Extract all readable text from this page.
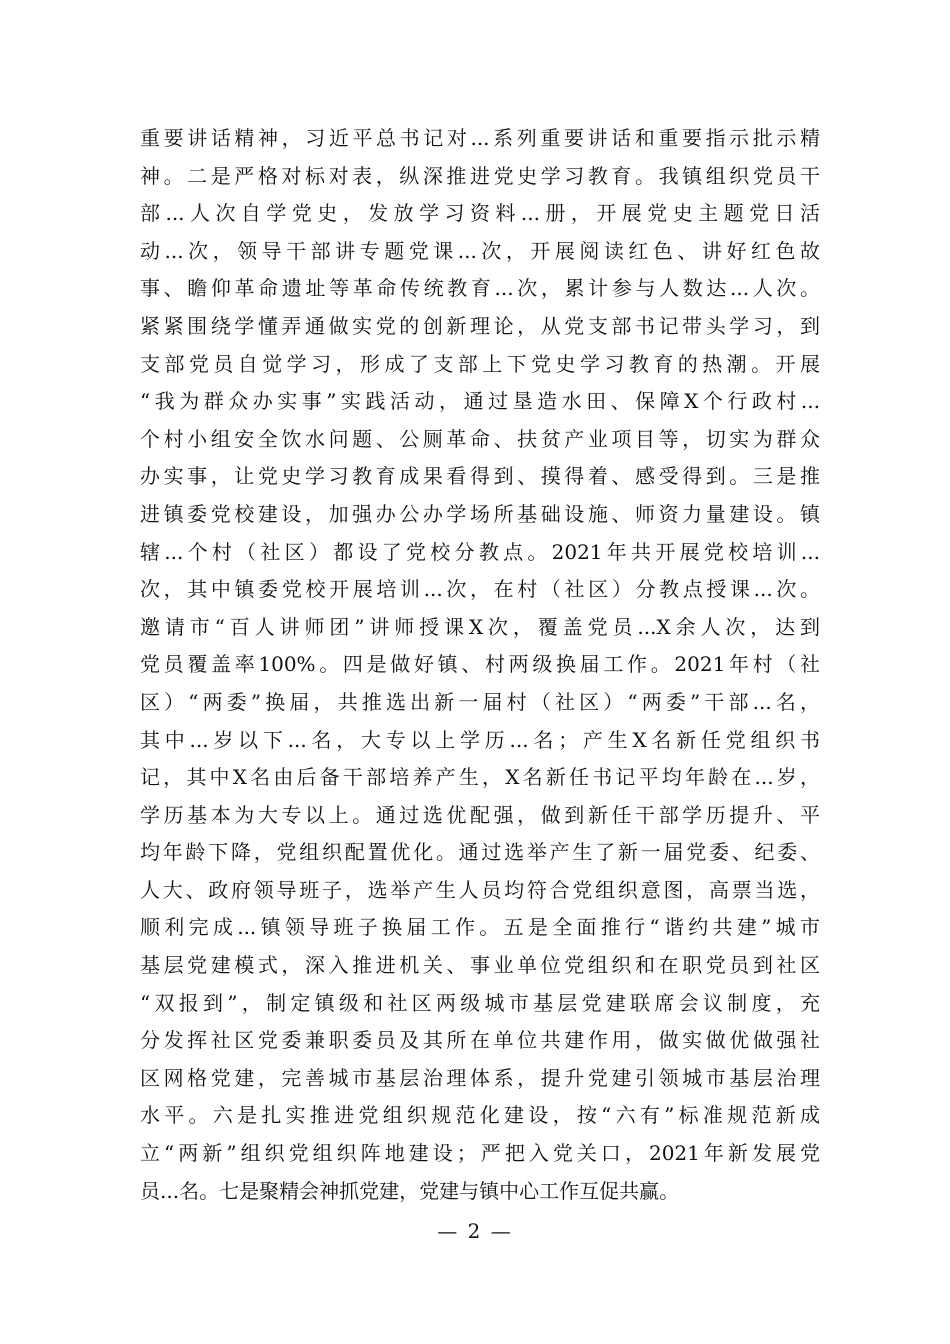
重要讲话精神，习近平总书记对...系列重要讲话和重要指示批示精
神。二是严格对标对表，纵深推进党史学习教育。我镇组织党员干
部...人次自学党史，发放学习资料...册，开展党史主题党日活
动...次，领导干部讲专题党课...次，开展阅读红色、讲好红色故
事、瞻仰革命遗址等革命传统教育...次，累计参与人数达...人次。
紧紧围绕学懂弄通做实党的创新理论，从党支部书记带头学习，到
支部党员自觉学习，形成了支部上下党史学习教育的热潮。开展
“我为群众办实事”实践活动，通过垦造水田、保障X个行政村...
个村小组安全饮水问题、公厕革命、扶贫产业项目等，切实为群众
办实事，让党史学习教育成果看得到、摸得着、感受得到。三是推
进镇委党校建设，加强办公办学场所基础设施、师资力量建设。镇
辖...个村（社区）都设了党校分教点。2021年共开展党校培训...
次，其中镇委党校开展培训...次，在村（社区）分教点授课...次。
邀请市“百人讲师团”讲师授课X次，覆盖党员...X余人次，达到
党员覆盖率100%。四是做好镇、村两级换届工作。2021年村（社
区）“两委”换届，共推选出新一届村（社区）“两委”干部...名，
其中...岁以下...名，大专以上学历...名；产生X名新任党组织书
记，其中X名由后备干部培养产生，X名新任书记平均年龄在...岁，
学历基本为大专以上。通过选优配强，做到新任干部学历提升、平
均年龄下降，党组织配置优化。通过选举产生了新一届党委、纪委、
人大、政府领导班子，选举产生人员均符合党组织意图，高票当选，
顺利完成...镇领导班子换届工作。五是全面推行“谐约共建”城市
基层党建模式，深入推进机关、事业单位党组织和在职党员到社区
“双报到”，制定镇级和社区两级城市基层党建联席会议制度，充
分发挥社区党委兼职委员及其所在单位共建作用，做实做优做强社
区网格党建，完善城市基层治理体系，提升党建引领城市基层治理
水平。六是扎实推进党组织规范化建设，按“六有”标准规范新成
立“两新”组织党组织阵地建设；严把入党关口，2021年新发展党
员...名。七是聚精会神抓党建，党建与镇中心工作互促共赢。
— 2 —
